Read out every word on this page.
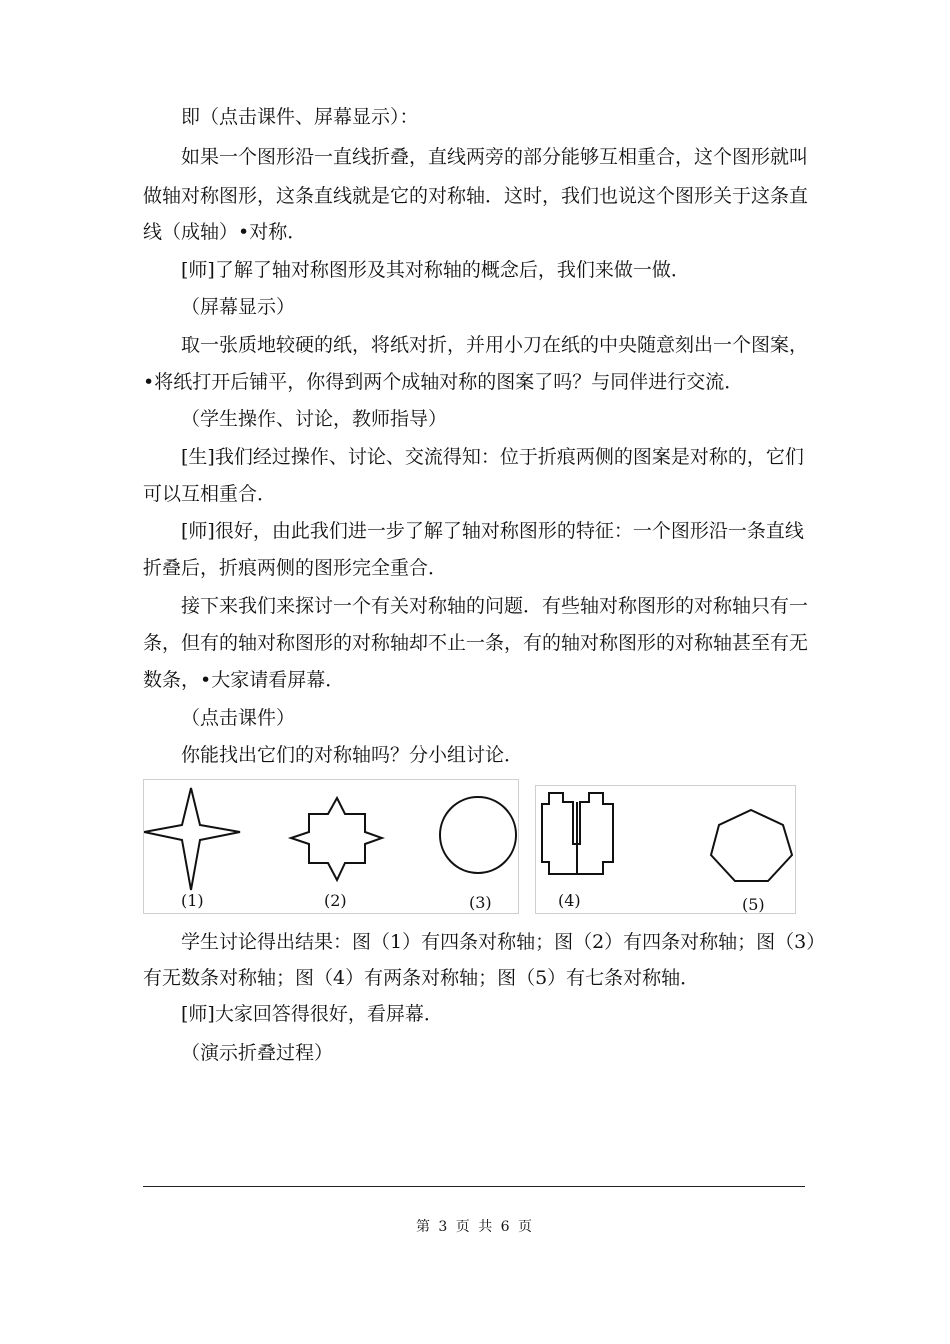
即（点击课件、屏幕显示）：
如果一个图形沿一直线折叠，直线两旁的部分能够互相重合，这个图形就叫
做轴对称图形，这条直线就是它的对称轴．这时，我们也说这个图形关于这条直
线（成轴）•对称．
[师]了解了轴对称图形及其对称轴的概念后，我们来做一做．
（屏幕显示）
取一张质地较硬的纸，将纸对折，并用小刀在纸的中央随意刻出一个图案，
•将纸打开后铺平，你得到两个成轴对称的图案了吗？与同伴进行交流．
（学生操作、讨论，教师指导）
[生]我们经过操作、讨论、交流得知：位于折痕两侧的图案是对称的，它们
可以互相重合．
[师]很好，由此我们进一步了解了轴对称图形的特征：一个图形沿一条直线
折叠后，折痕两侧的图形完全重合．
接下来我们来探讨一个有关对称轴的问题．有些轴对称图形的对称轴只有一
条，但有的轴对称图形的对称轴却不止一条，有的轴对称图形的对称轴甚至有无
数条，•大家请看屏幕．
（点击课件）
你能找出它们的对称轴吗？分小组讨论．
(1)	(2)	(3)	(4)	(5)
学生讨论得出结果：图（1）有四条对称轴；图（2）有四条对称轴；图（3）
有无数条对称轴；图（4）有两条对称轴；图（5）有七条对称轴．
[师]大家回答得很好，看屏幕．
（演示折叠过程）
第 3 页 共 6 页
